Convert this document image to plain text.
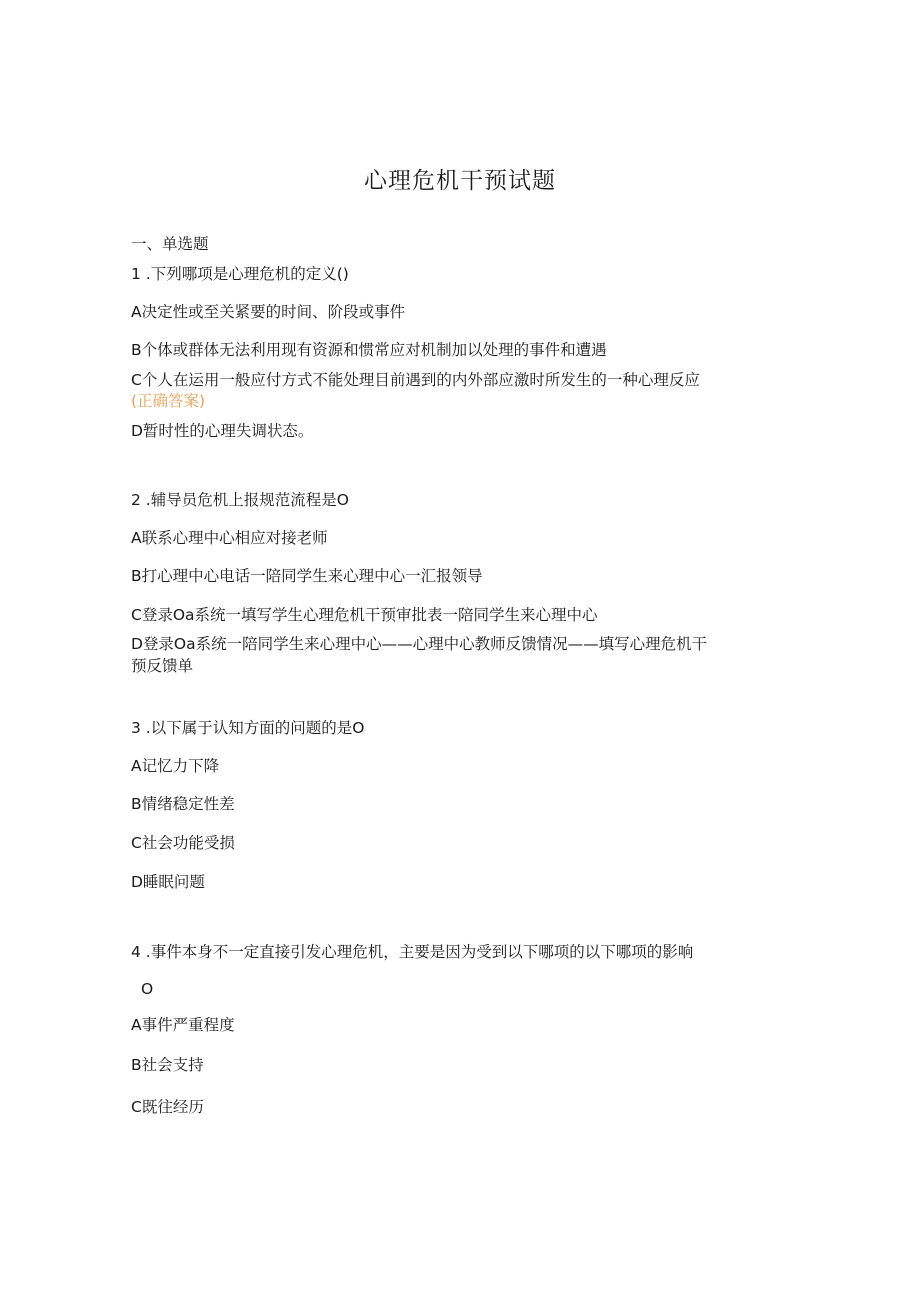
心理危机干预试题
一、单选题
1 .下列哪项是心理危机的定义()
A决定性或至关紧要的时间、阶段或事件
B个体或群体无法利用现有资源和惯常应对机制加以处理的事件和遭遇
C个人在运用一般应付方式不能处理目前遇到的内外部应激时所发生的一种心理反应
(正确答案)
D暂时性的心理失调状态。
2 .辅导员危机上报规范流程是O
A联系心理中心相应对接老师
B打心理中心电话一陪同学生来心理中心一汇报领导
C登录Oa系统一填写学生心理危机干预审批表一陪同学生来心理中心
D登录Oa系统一陪同学生来心理中心——心理中心教师反馈情况——填写心理危机干
预反馈单
3 .以下属于认知方面的问题的是O
A记忆力下降
B情绪稳定性差
C社会功能受损
D睡眠问题
4 .事件本身不一定直接引发心理危机，主要是因为受到以下哪项的以下哪项的影响
O
A事件严重程度
B社会支持
C既往经历
